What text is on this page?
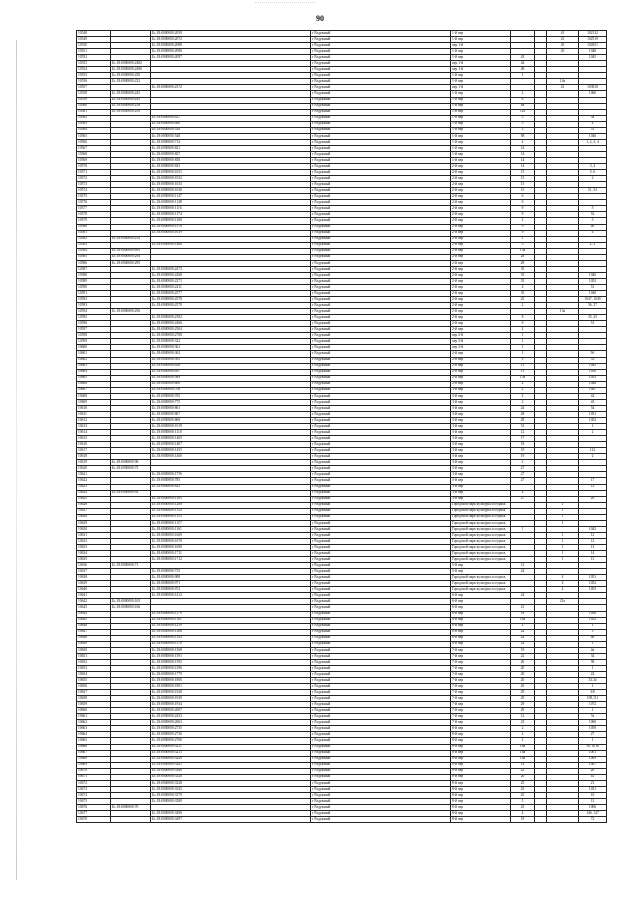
90
10548		Бс.18:0000000:2039	г Радужный	1-й пер			41	102112
10549		Бс.18:0000000:2072	г Радужный	1-й пер			41	102519
10550		Бс.18:0000000:2088	г Радужный	пер 1-й			45	102651
10551		Бс.18:0000000:2096	г Радужный	1-й пер			45	1048
10552		Бс.18:0000000:2097	г Радужный	1-й пер	43			1045
10553	Бс.18:0000000:2482		г Радужный	пер 1-й	44			
10554	Бс.18:0000000:2486		г Радужный	пер 1-й	48			
10555	Бс.18:0000000:230		г Радужный	1-й пер	1			
10556	Бс.18:0000000:232		г Радужный	1-й пер			14а	
10557		Бс.18:0000000:2372	г Радужный	пер 1-й			41	103818
10558	Бс.18:0000000:245		г Радужный	1-й пер	2			1060
10559	Бс.18:0000000:249		г Радужный	1-й пер	8			
10560	Бс.18:0000000:258		г Радужный	1-й пер	8а			
10561	Бс.18:0000000:259		г Радужный	1-й пер	11а			
10562		Бс.18:0000000:437	г Радужный	1-й пер	3			3а
10563		Бс.18:0000000:460	г Радужный	1-й пер	3			4
10564		Бс.18:0000000:528	г Радужный	1-й пер	3			51
10565		Бс.18:0000000:548	г Радужный	1-й пер	58			1046
10566		Бс.18:0000000:714	г Радужный	1-й пер	4			1, 2, 3, 4
10567		Бс.18:0000000:821	г Радужный	1-й пер	14			
10568		Бс.18:0000000:827	г Радужный	1-й пер	14			
10569		Бс.18:0000000:838	г Радужный	1-й пер	14			
10570		Бс.18:0000000:843	г Радужный	2-й пер	14			3, 4
10571		Бс.18:0000000:1031	г Радужный	2-й пер	15			5, 6
10572		Бс.18:0000000:1032	г Радужный	2-й пер	15			2
10573		Бс.18:0000000:1033	г Радужный	2-й пер	15			
10574		Бс.18:0000000:1026	г Радужный	2-й пер	15			51, 52
10575		Бс.18:0000000:1147	г Радужный	2-й пер	6			
10576		Бс.18:0000000:1148	г Радужный	2-й пер	6			
10577		Бс.18:0000000:1116	г Радужный	2-й пер	9			5
10578		Бс.18:0000000:1174	г Радужный	2-й пер	9			52
10579		Бс.18:0000000:1368	г Радужный	2-й пер	2			3
10580		Бс.18:0000000:1578	г Радужный	2-й пер	9			40
10581		Бс.18:0000000:1619	г Радужный	2-й пер	9			4
10582	Бс.18:0000000:254		г Радужный	2-й пер	1			
10583		Бс.18:0000000:1468	г Радужный	2-й пер	5			2, 3
10584	Бс.18:0000000:695		г Радужный	2-й пер	13а			
10585	Бс.18:0000000:294		г Радужный	2-й пер	28			
10586	Бс.18:0000000:295		г Радужный	2-й пер	28			
10587		Бс.18:0000000:2473	г Радужный	2-й пер	35			
10588		Бс.18:0000000:2268	г Радужный	2-й пер	35			1046
10589		Бс.18:0000000:2271	г Радужный	2-й пер	35			1052
10590		Бс.18:0000000:2411	г Радужный	2-й пер	4			51
10591		Бс.18:0000000:2577	г Радужный	2-й пер	35			1048
10592		Бс.18:0000000:2578	г Радужный	2-й пер	25			1047, 1049
10593		Бс.18:0000000:2579	г Радужный	2-й пер	2			36, 37
10594	Бс.18:0000000:256		г Радужный	2-й пер			13а	
10595		Бс.18:0000000:2392	г Радужный	2-й пер	8			35, 43
10596		Бс.18:0000000:2466	г Радужный	2-й пер	9			51
10597		Бс.18:0000000:2504	г Радужный	2-й пер	2			
10598		Бс.18:0000000:2768	г Радужный	пер 2-й	1			
10599		Бс.18:0000000:322	г Радужный	пер 2-й	1			
10600		Бс.18:0000000:361	г Радужный	пер 2-й	1			
10601		Бс.18:0000000:362	г Радужный	2-й пер	1			9б
10602		Бс.18:0000000:395	г Радужный	2-й пер	9			53
10603		Бс.18:0000000:456	г Радужный	2-й пер	15			1045
10604		Бс.18:0000000:497	г Радужный	2-й пер	15			1050
10605		Бс.18:0000000:589	г Радужный	2-й пер	15а			1053
10606		Бс.18:0000000:600	г Радужный	2-й пер	2			1048
10607		Бс.18:0000000:708	г Радужный	3-й пер	2			1047
10608		Бс.18:0000000:765	г Радужный	3-й пер	2			42
10609		Бс.18:0000000:775	г Радужный	3-й пер	2			43
10610		Бс.18:0000000:861	г Радужный	3-й пер	24			54
10611		Бс.18:0000000:867	г Радужный	3-й пер	28			1051
10612		Бс.18:0000000:868	г Радужный	3-й пер	28			1052
10613		Бс.18:0000000:1019	г Радужный	3-й пер	31			1
10614		Бс.18:0000000:1110	г Радужный	3-й пер	12			2
10615		Бс.18:0000000:1405	г Радужный	3-й пер	17			
10616		Бс.18:0000000:1407	г Радужный	3-й пер	18			
10617		Бс.18:0000000:1455	г Радужный	3-й пер	19			112
10618		Бс.18:0000000:1460	г Радужный	3-й пер	19			2
10619	Бс.18:0000000:96		г Радужный	3-й пер	2			
10620	Бс.18:0000000:75		г Радужный	3-й пер	27			
10621		Бс.18:0000000:1756	г Радужный	3-й пер	27			
10622		Бс.18:0000000:785	г Радужный	3-й пер	27			17
10623		Бс.18:0000000:823	г Радужный	3-й пер				12
10624	Бс.18:0000000:92		г Радужный	3-й пер	4			
10625		Бс.18:0000000:1185	г Радужный	3-й пер	27			26
10626		Бс.18:0000000:1208	г Радужный	Городской парк культуры и отдыха			1	
10627		Бс.18:0000000:1154	г Радужный	Городской парк культуры и отдыха			1	
10628		Бс.18:0000000:1155	г Радужный	Городской парк культуры и отдыха			1	
10629		Бс.18:0000000:1157	г Радужный	Городской парк культуры и отдыха			1	
10630		Бс.18:0000000:1161	г Радужный	Городской парк культуры и отдыха	1			1042
10631		Бс.18:0000000:1669	г Радужный	Городской парк культуры и отдыха			1	12
10632		Бс.18:0000000:1670	г Радужный	Городской парк культуры и отдыха			1	12
10633		Бс.18:0000000:1690	г Радужный	Городской парк культуры и отдыха			1	13
10634		Бс.18:0000000:1711	г Радужный	Городской парк культуры и отдыха			1	14
10635		Бс.18:0000000:1712	г Радужный	Городской парк культуры и отдыха			1	13
10636	Бс.18:0000000:71		г Радужный	5-й пер	12			
10637		Бс.18:0000000:735	г Радужный	5-й пер	24			
10638		Бс.18:0000000:908	г Радужный	Городской парк культуры и отдыха			4	1051
10639		Бс.18:0000000:971	г Радужный	Городской парк культуры и отдыха			4	1052
10640		Бс.18:0000000:972	г Радужный	Городской парк культуры и отдыха			4	1053
10641		Бс.18:0000000:1412	г Радужный	6-й пер	24			
10642	Бс.18:0000000:165		г Радужный	6-й пер			21а	
10643	Бс.18:0000000:166		г Радужный	6-й пер	21			
10644		Бс.18:0000000:1179	г Радужный	6-й пер	18			1058
10645		Бс.18:0000000:1181	г Радужный	6-й пер	18а			1052
10646		Бс.18:0000000:1219	г Радужный	6-й пер	2			1
10647		Бс.18:0000000:1308	г Радужный	6-й пер	24			3
10648		Бс.18:0000000:1352	г Радужный	6-й пер	24			46
10649		Бс.18:0000000:1370	г Радужный	6-й пер	24			1
10650		Бс.18:0000000:1568	г Радужный	7-й пер	19			2в
10651		Бс.18:0000000:1591	г Радужный	7-й пер	22			34
10652		Бс.18:0000000:1592	г Радужный	7-й пер	20			58
10653		Бс.18:0000000:1596	г Радужный	7-й пер	20			1
10654		Бс.18:0000000:1779	г Радужный	7-й пер	20			22
10655		Бс.18:0000000:1800	г Радужный	7-й пер	20			33,34
10656		Бс.18:0000000:1801	г Радужный	7-й пер	20			1
10657		Бс.18:0000000:1928	г Радужный	7-й пер	29			3/8
10658		Бс.18:0000000:1929	г Радужный	7-й пер	29			109,111
10659		Бс.18:0000000:1934	г Радужный	7-й пер	29			1072
10660		Бс.18:0000000:2007	г Радужный	7-й пер	29			1
10661		Бс.18:0000000:2433	г Радужный	7-й пер	12			7в
10662		Бс.18:0000000:2663	г Радужный	7-й пер	23			1060
10663		Бс.18:0000000:2735	г Радужный	8-й пер	2			1059
10664		Бс.18:0000000:2736	г Радужный	8-й пер	2			27
10665		Бс.18:0000000:2760	г Радужный	8-й пер	2			1
10666		Бс.18:0000000:3211	г Радужный	8-й пер	16а			30, 1016
10667		Бс.18:0000000:3215	г Радужный	8-й пер	16а			1001
10668		Бс.18:0000000:3229	г Радужный	8-й пер	16а			1009
10669		Бс.18:0000000:3261	г Радужный	8-й пер	14			1007
10670		Бс.18:0000000:3306	г Радужный	8-й пер	22			20
10671		Бс.18:0000000:3320	г Радужный	8-й пер	20			41
10672		Бс.18:0000000:3328	г Радужный	8-й пер	25			21
10673		Бс.18:0000000:3345	г Радужный	8-й пер	25			1031
10674		Бс.18:0000000:3379	г Радужный	8-й пер	25			10
10675		Бс.18:0000000:3380	г Радужный	8-й пер	5			12
10676	Бс.18:0000000:70		г Радужный	8-й пер	25			1006
10677		Бс.18:0000000:3496	г Радужный	8-й пер	4			146, 147
10678		Бс.18:0000000:3497	г Радужный	8-й пер	19			72
